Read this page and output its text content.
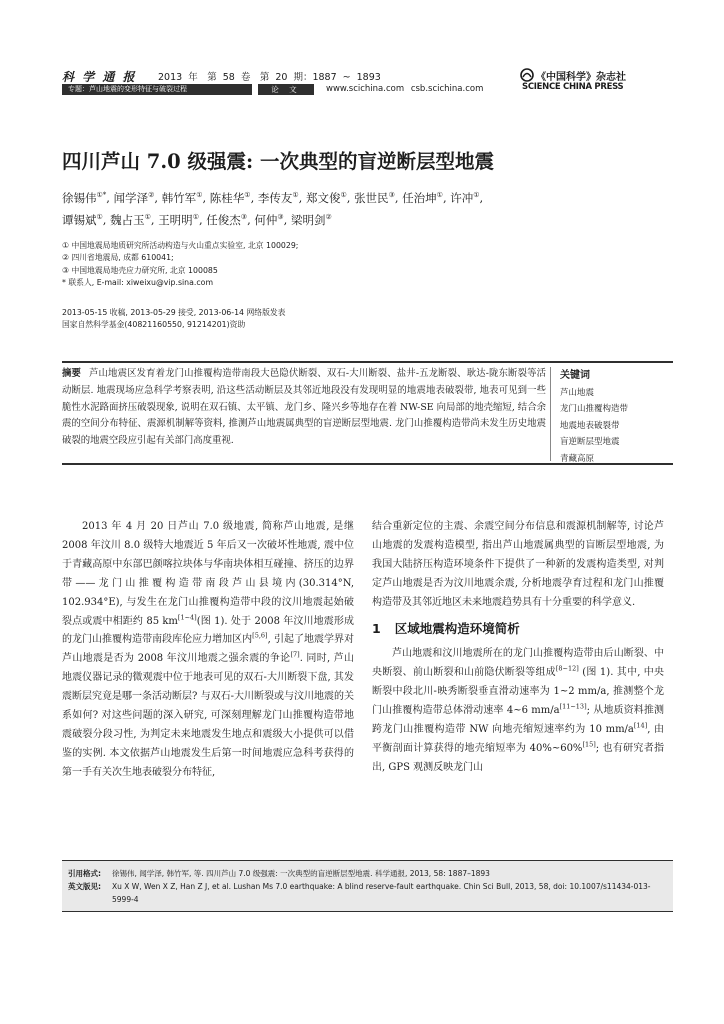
科 学 通 报 2013 年　第 58 卷　第 20 期：1887 ~ 1893	《中国科学》杂志社
SCIENCE CHINA PRESS
专题：芦山地震的变形特征与破裂过程	论 文	www.scichina.com csb.scichina.com
四川芦山 7.0 级强震: 一次典型的盲逆断层型地震
徐锡伟①*, 闻学泽②, 韩竹军①, 陈桂华①, 李传友①, 郑文俊①, 张世民③, 任治坤①, 许冲①,
谭锡斌①, 魏占玉①, 王明明①, 任俊杰③, 何仲③, 梁明剑②
① 中国地震局地质研究所活动构造与火山重点实验室, 北京 100029;
② 四川省地震局, 成都 610041;
③ 中国地震局地壳应力研究所, 北京 100085
* 联系人, E-mail: xiweixu@vip.sina.com
2013-05-15 收稿, 2013-05-29 接受, 2013-06-14 网络版发表
国家自然科学基金(40821160550, 91214201)资助
摘要 芦山地震区发育着龙门山推覆构造带南段大邑隐伏断裂、双石-大川断裂、盐井-五龙断裂、耿达-陇东断裂等活动断层. 地震现场应急科学考察表明, 沿这些活动断层及其邻近地段没有发现明显的地震地表破裂带, 地表可见到一些脆性水泥路面挤压破裂现象, 说明在双石镇、太平镇、龙门乡、隆兴乡等地存在着 NW-SE 向局部的地壳缩短, 结合余震的空间分布特征、震源机制解等资料, 推测芦山地震属典型的盲逆断层型地震. 龙门山推覆构造带尚未发生历史地震破裂的地震空段应引起有关部门高度重视.
关键词
芦山地震
龙门山推覆构造带
地震地表破裂带
盲逆断层型地震
青藏高原

2013 年 4 月 20 日芦山 7.0 级地震, 简称芦山地震, 是继 2008 年汶川 8.0 级特大地震近 5 年后又一次破坏性地震, 震中位于青藏高原中东部巴颜喀拉块体与华南块体相互碰撞、挤压的边界带——龙门山推覆构造带南段芦山县境内(30.314°N, 102.934°E), 与发生在龙门山推覆构造带中段的汶川地震起始破裂点或震中相距约 85 km[1~4](图 1). 处于 2008 年汶川地震形成的龙门山推覆构造带南段库伦应力增加区内[5,6], 引起了地震学界对芦山地震是否为 2008 年汶川地震之强余震的争论[7]. 同时, 芦山地震仪器记录的微观震中位于地表可见的双石-大川断裂下盘, 其发震断层究竟是哪一条活动断层? 与双石-大川断裂或与汶川地震的关系如何? 对这些问题的深入研究, 可深刻理解龙门山推覆构造带地震破裂分段习性, 为判定未来地震发生地点和震级大小提供可以借鉴的实例. 本文依据芦山地震发生后第一时间地震应急科考获得的第一手有关次生地表破裂分布特征,

结合重新定位的主震、余震空间分布信息和震源机制解等, 讨论芦山地震的发震构造模型, 指出芦山地震属典型的盲断层型地震, 为我国大陆挤压构造环境条件下提供了一种新的发震构造类型, 对判定芦山地震是否为汶川地震余震, 分析地震孕育过程和龙门山推覆构造带及其邻近地区未来地震趋势具有十分重要的科学意义.

1 区域地震构造环境简析

芦山地震和汶川地震所在的龙门山推覆构造带由后山断裂、中央断裂、前山断裂和山前隐伏断裂等组成[8~12] (图 1). 其中, 中央断裂中段北川-映秀断裂垂直滑动速率为 1~2 mm/a, 推测整个龙门山推覆构造带总体滑动速率 4~6 mm/a[11~13]; 从地质资料推测跨龙门山推覆构造带 NW 向地壳缩短速率约为 10 mm/a[14], 由平衡剖面计算获得的地壳缩短率为 40%~60%[15]; 也有研究者指出, GPS 观测反映龙门山

引用格式: 徐锡伟, 闻学泽, 韩竹军, 等. 四川芦山 7.0 级强震: 一次典型的盲逆断层型地震. 科学通报, 2013, 58: 1887–1893
英文版见: Xu X W, Wen X Z, Han Z J, et al. Lushan Ms 7.0 earthquake: A blind reserve-fault earthquake. Chin Sci Bull, 2013, 58, doi: 10.1007/s11434-013-5999-4
